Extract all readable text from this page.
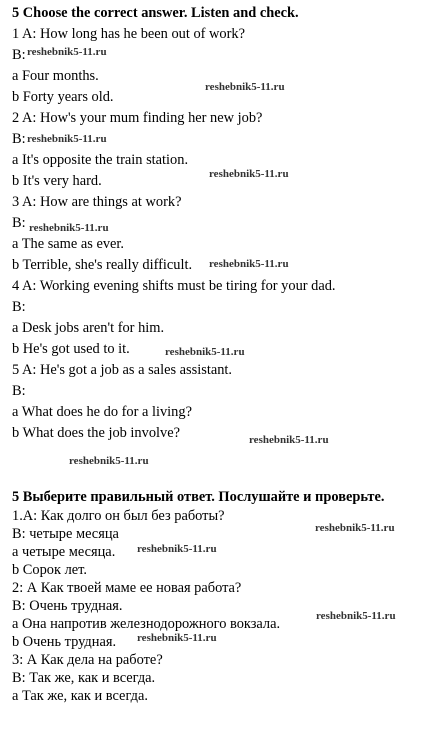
5 Choose the correct answer. Listen and check.
1 A: How long has he been out of work?
B:
a Four months.
b Forty years old.
2 A: How's your mum finding her new job?
B:
a It's opposite the train station.
b It's very hard.
3 A: How are things at work?
B:
a The same as ever.
b Terrible, she's really difficult.
4 A: Working evening shifts must be tiring for your dad.
B:
a Desk jobs aren't for him.
b He's got used to it.
5 A: He's got a job as a sales assistant.
B:
a What does he do for a living?
b What does the job involve?
5 Выберите правильный ответ. Послушайте и проверьте.
1.A: Как долго он был без работы?
B: четыре месяца
а четыре месяца.
b Сорок лет.
2: А Как твоей маме ее новая работа?
B: Очень трудная.
а Она напротив железнодорожного вокзала.
b Очень трудная.
3: А Как дела на работе?
B: Так же, как и всегда.
а Так же, как и всегда.
reshebnik5-11.ru
reshebnik5-11.ru
reshebnik5-11.ru
reshebnik5-11.ru
reshebnik5-11.ru
reshebnik5-11.ru
reshebnik5-11.ru
reshebnik5-11.ru
reshebnik5-11.ru
reshebnik5-11.ru
reshebnik5-11.ru
reshebnik5-11.ru
reshebnik5-11.ru
